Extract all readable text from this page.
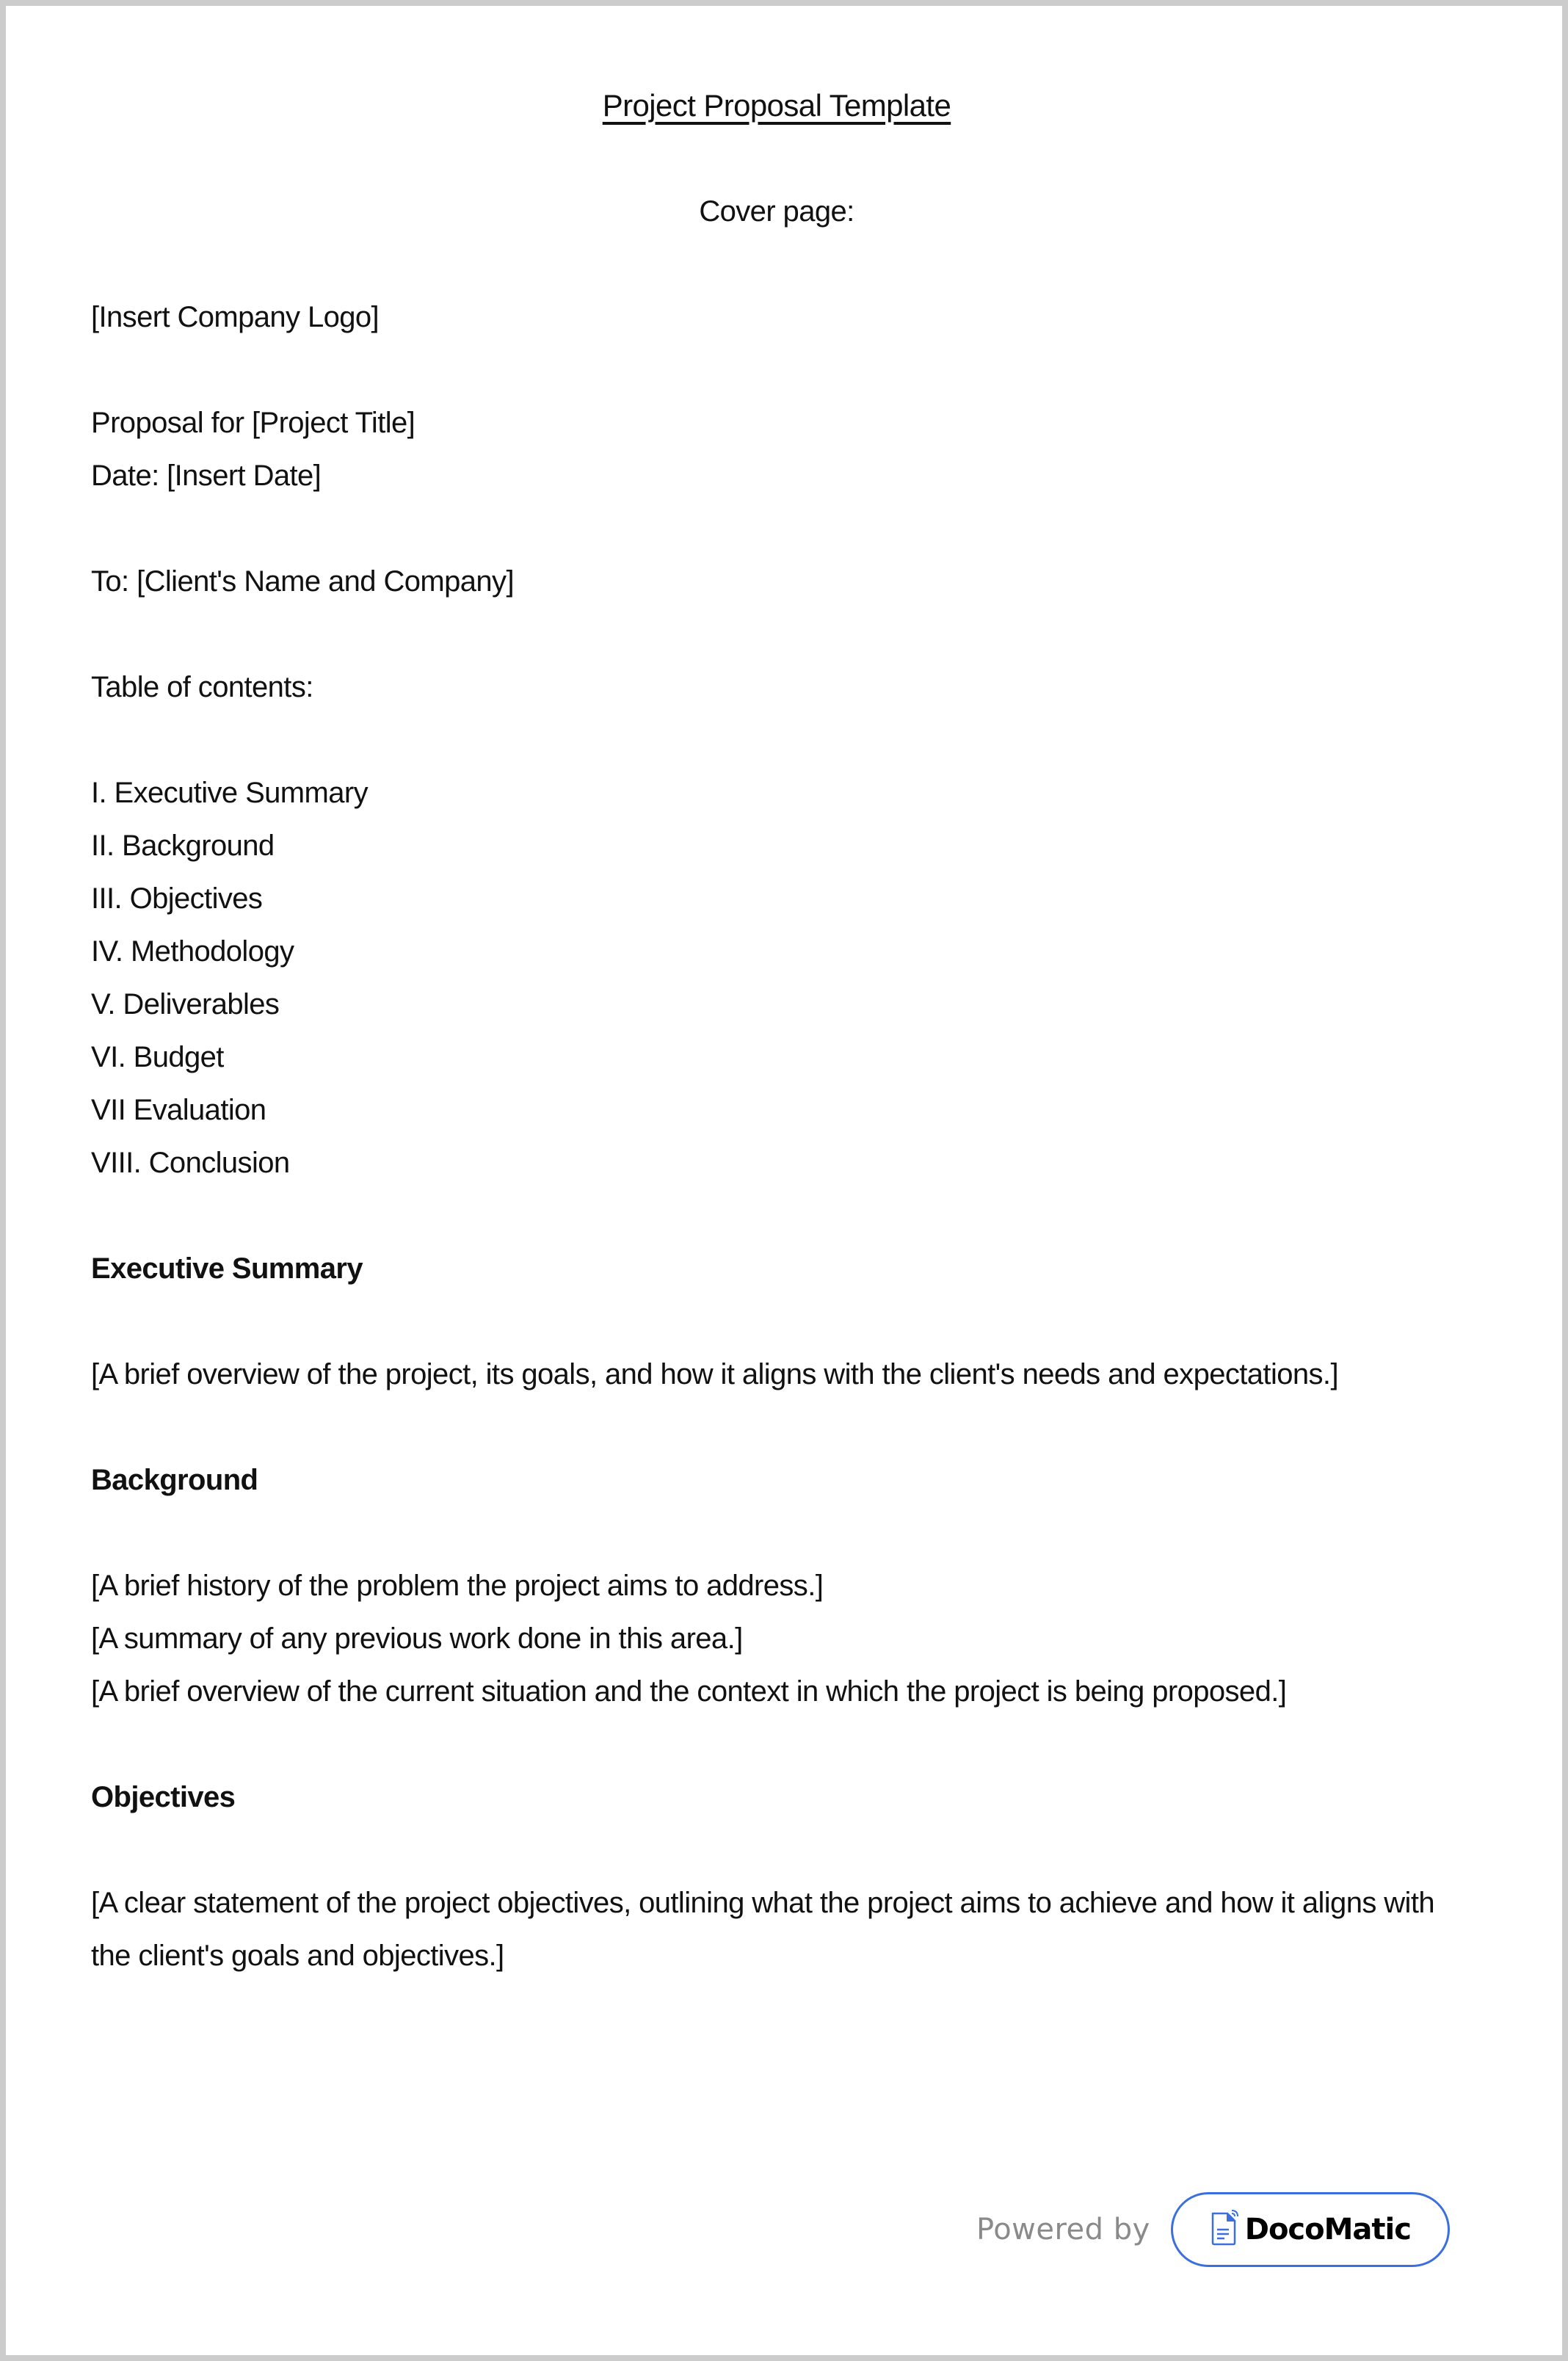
Project Proposal Template
Cover page:
[Insert Company Logo]
Proposal for [Project Title]
Date: [Insert Date]
To: [Client's Name and Company]
Table of contents:
I. Executive Summary
II. Background
III. Objectives
IV. Methodology
V. Deliverables
VI. Budget
VII Evaluation
VIII. Conclusion
Executive Summary
[A brief overview of the project, its goals, and how it aligns with the client's needs and expectations.]
Background
[A brief history of the problem the project aims to address.]
[A summary of any previous work done in this area.]
[A brief overview of the current situation and the context in which the project is being proposed.]
Objectives
[A clear statement of the project objectives, outlining what the project aims to achieve and how it aligns with the client's goals and objectives.]
Powered by	DocoMatic
